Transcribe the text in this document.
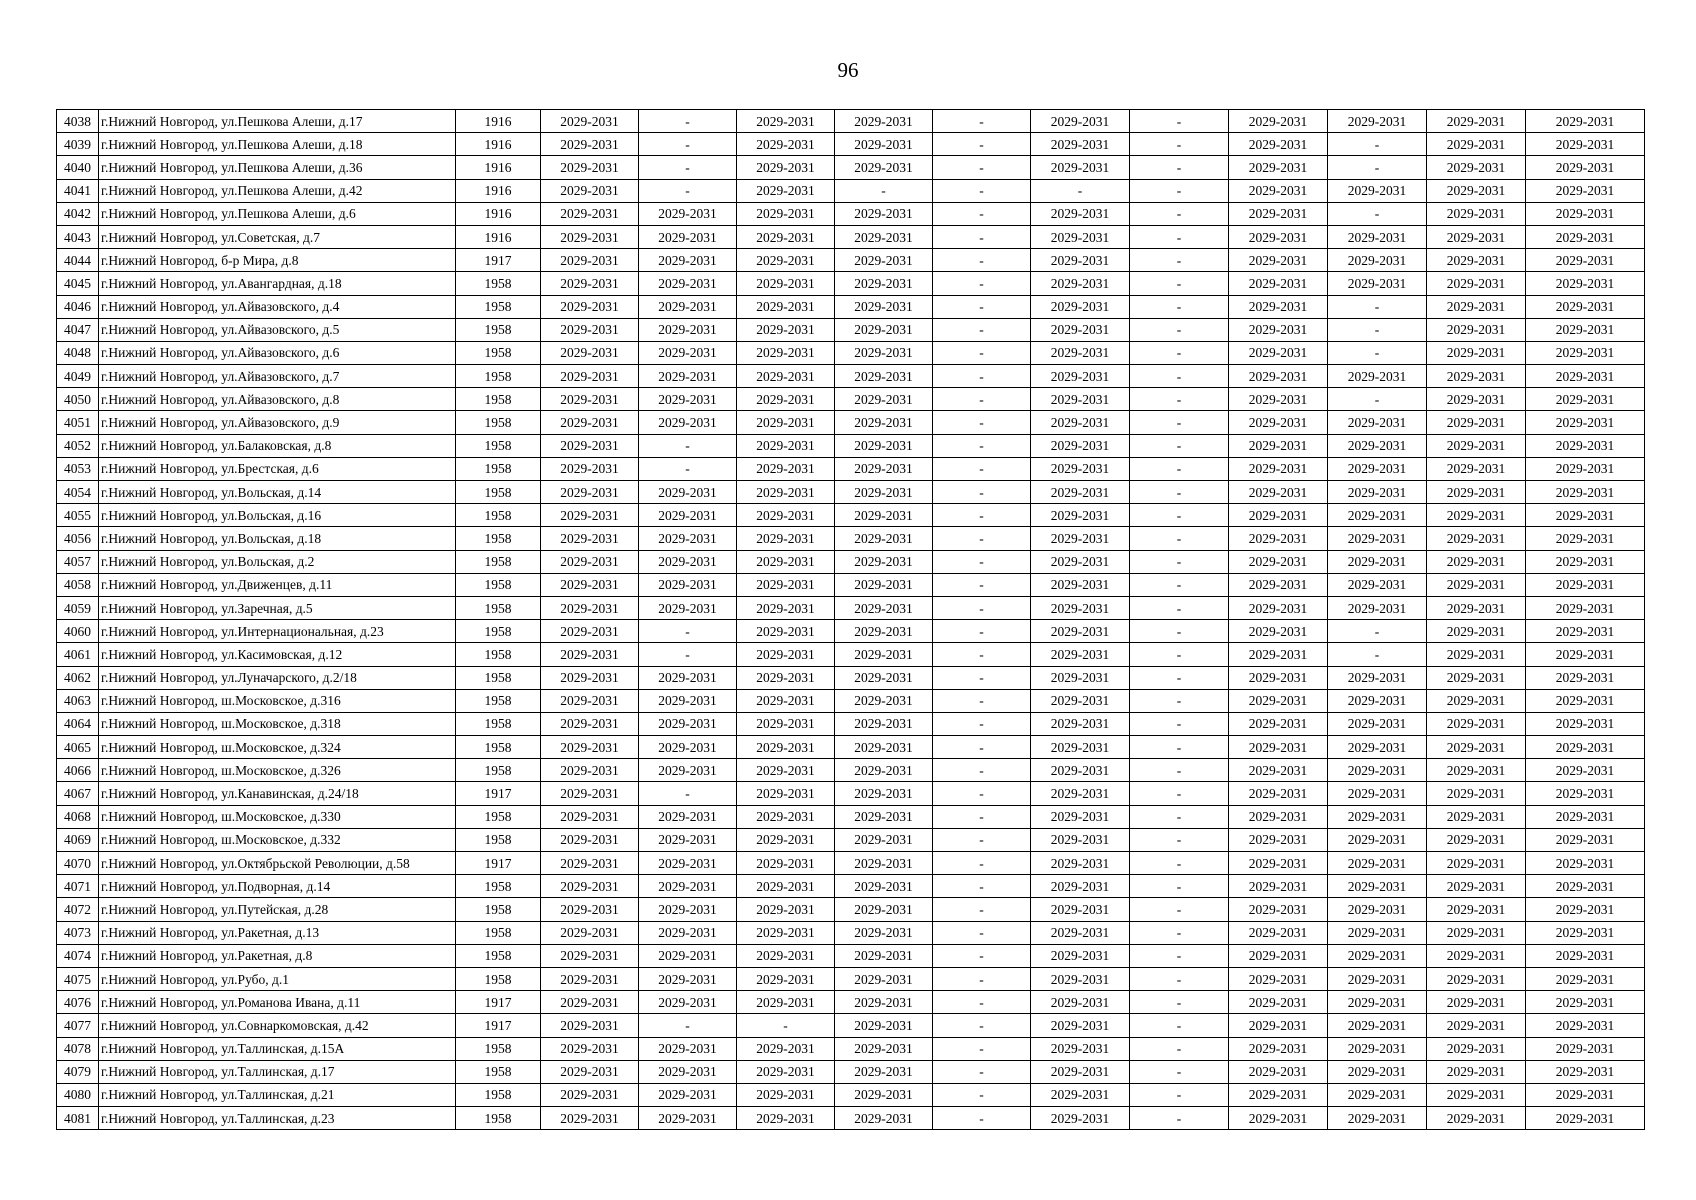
96
4038	г.Нижний Новгород, ул.Пешкова Алеши, д.17	1916	2029-2031	-	2029-2031	2029-2031	-	2029-2031	-	2029-2031	2029-2031	2029-2031	2029-2031
4039	г.Нижний Новгород, ул.Пешкова Алеши, д.18	1916	2029-2031	-	2029-2031	2029-2031	-	2029-2031	-	2029-2031	-	2029-2031	2029-2031
4040	г.Нижний Новгород, ул.Пешкова Алеши, д.36	1916	2029-2031	-	2029-2031	2029-2031	-	2029-2031	-	2029-2031	-	2029-2031	2029-2031
4041	г.Нижний Новгород, ул.Пешкова Алеши, д.42	1916	2029-2031	-	2029-2031	-	-	-	-	2029-2031	2029-2031	2029-2031	2029-2031
4042	г.Нижний Новгород, ул.Пешкова Алеши, д.6	1916	2029-2031	2029-2031	2029-2031	2029-2031	-	2029-2031	-	2029-2031	-	2029-2031	2029-2031
4043	г.Нижний Новгород, ул.Советская, д.7	1916	2029-2031	2029-2031	2029-2031	2029-2031	-	2029-2031	-	2029-2031	2029-2031	2029-2031	2029-2031
4044	г.Нижний Новгород, б-р Мира, д.8	1917	2029-2031	2029-2031	2029-2031	2029-2031	-	2029-2031	-	2029-2031	2029-2031	2029-2031	2029-2031
4045	г.Нижний Новгород, ул.Авангардная, д.18	1958	2029-2031	2029-2031	2029-2031	2029-2031	-	2029-2031	-	2029-2031	2029-2031	2029-2031	2029-2031
4046	г.Нижний Новгород, ул.Айвазовского, д.4	1958	2029-2031	2029-2031	2029-2031	2029-2031	-	2029-2031	-	2029-2031	-	2029-2031	2029-2031
4047	г.Нижний Новгород, ул.Айвазовского, д.5	1958	2029-2031	2029-2031	2029-2031	2029-2031	-	2029-2031	-	2029-2031	-	2029-2031	2029-2031
4048	г.Нижний Новгород, ул.Айвазовского, д.6	1958	2029-2031	2029-2031	2029-2031	2029-2031	-	2029-2031	-	2029-2031	-	2029-2031	2029-2031
4049	г.Нижний Новгород, ул.Айвазовского, д.7	1958	2029-2031	2029-2031	2029-2031	2029-2031	-	2029-2031	-	2029-2031	2029-2031	2029-2031	2029-2031
4050	г.Нижний Новгород, ул.Айвазовского, д.8	1958	2029-2031	2029-2031	2029-2031	2029-2031	-	2029-2031	-	2029-2031	-	2029-2031	2029-2031
4051	г.Нижний Новгород, ул.Айвазовского, д.9	1958	2029-2031	2029-2031	2029-2031	2029-2031	-	2029-2031	-	2029-2031	2029-2031	2029-2031	2029-2031
4052	г.Нижний Новгород, ул.Балаковская, д.8	1958	2029-2031	-	2029-2031	2029-2031	-	2029-2031	-	2029-2031	2029-2031	2029-2031	2029-2031
4053	г.Нижний Новгород, ул.Брестская, д.6	1958	2029-2031	-	2029-2031	2029-2031	-	2029-2031	-	2029-2031	2029-2031	2029-2031	2029-2031
4054	г.Нижний Новгород, ул.Вольская, д.14	1958	2029-2031	2029-2031	2029-2031	2029-2031	-	2029-2031	-	2029-2031	2029-2031	2029-2031	2029-2031
4055	г.Нижний Новгород, ул.Вольская, д.16	1958	2029-2031	2029-2031	2029-2031	2029-2031	-	2029-2031	-	2029-2031	2029-2031	2029-2031	2029-2031
4056	г.Нижний Новгород, ул.Вольская, д.18	1958	2029-2031	2029-2031	2029-2031	2029-2031	-	2029-2031	-	2029-2031	2029-2031	2029-2031	2029-2031
4057	г.Нижний Новгород, ул.Вольская, д.2	1958	2029-2031	2029-2031	2029-2031	2029-2031	-	2029-2031	-	2029-2031	2029-2031	2029-2031	2029-2031
4058	г.Нижний Новгород, ул.Движенцев, д.11	1958	2029-2031	2029-2031	2029-2031	2029-2031	-	2029-2031	-	2029-2031	2029-2031	2029-2031	2029-2031
4059	г.Нижний Новгород, ул.Заречная, д.5	1958	2029-2031	2029-2031	2029-2031	2029-2031	-	2029-2031	-	2029-2031	2029-2031	2029-2031	2029-2031
4060	г.Нижний Новгород, ул.Интернациональная, д.23	1958	2029-2031	-	2029-2031	2029-2031	-	2029-2031	-	2029-2031	-	2029-2031	2029-2031
4061	г.Нижний Новгород, ул.Касимовская, д.12	1958	2029-2031	-	2029-2031	2029-2031	-	2029-2031	-	2029-2031	-	2029-2031	2029-2031
4062	г.Нижний Новгород, ул.Луначарского, д.2/18	1958	2029-2031	2029-2031	2029-2031	2029-2031	-	2029-2031	-	2029-2031	2029-2031	2029-2031	2029-2031
4063	г.Нижний Новгород, ш.Московское, д.316	1958	2029-2031	2029-2031	2029-2031	2029-2031	-	2029-2031	-	2029-2031	2029-2031	2029-2031	2029-2031
4064	г.Нижний Новгород, ш.Московское, д.318	1958	2029-2031	2029-2031	2029-2031	2029-2031	-	2029-2031	-	2029-2031	2029-2031	2029-2031	2029-2031
4065	г.Нижний Новгород, ш.Московское, д.324	1958	2029-2031	2029-2031	2029-2031	2029-2031	-	2029-2031	-	2029-2031	2029-2031	2029-2031	2029-2031
4066	г.Нижний Новгород, ш.Московское, д.326	1958	2029-2031	2029-2031	2029-2031	2029-2031	-	2029-2031	-	2029-2031	2029-2031	2029-2031	2029-2031
4067	г.Нижний Новгород, ул.Канавинская, д.24/18	1917	2029-2031	-	2029-2031	2029-2031	-	2029-2031	-	2029-2031	2029-2031	2029-2031	2029-2031
4068	г.Нижний Новгород, ш.Московское, д.330	1958	2029-2031	2029-2031	2029-2031	2029-2031	-	2029-2031	-	2029-2031	2029-2031	2029-2031	2029-2031
4069	г.Нижний Новгород, ш.Московское, д.332	1958	2029-2031	2029-2031	2029-2031	2029-2031	-	2029-2031	-	2029-2031	2029-2031	2029-2031	2029-2031
4070	г.Нижний Новгород, ул.Октябрьской Революции, д.58	1917	2029-2031	2029-2031	2029-2031	2029-2031	-	2029-2031	-	2029-2031	2029-2031	2029-2031	2029-2031
4071	г.Нижний Новгород, ул.Подворная, д.14	1958	2029-2031	2029-2031	2029-2031	2029-2031	-	2029-2031	-	2029-2031	2029-2031	2029-2031	2029-2031
4072	г.Нижний Новгород, ул.Путейская, д.28	1958	2029-2031	2029-2031	2029-2031	2029-2031	-	2029-2031	-	2029-2031	2029-2031	2029-2031	2029-2031
4073	г.Нижний Новгород, ул.Ракетная, д.13	1958	2029-2031	2029-2031	2029-2031	2029-2031	-	2029-2031	-	2029-2031	2029-2031	2029-2031	2029-2031
4074	г.Нижний Новгород, ул.Ракетная, д.8	1958	2029-2031	2029-2031	2029-2031	2029-2031	-	2029-2031	-	2029-2031	2029-2031	2029-2031	2029-2031
4075	г.Нижний Новгород, ул.Рубо, д.1	1958	2029-2031	2029-2031	2029-2031	2029-2031	-	2029-2031	-	2029-2031	2029-2031	2029-2031	2029-2031
4076	г.Нижний Новгород, ул.Романова Ивана, д.11	1917	2029-2031	2029-2031	2029-2031	2029-2031	-	2029-2031	-	2029-2031	2029-2031	2029-2031	2029-2031
4077	г.Нижний Новгород, ул.Совнаркомовская, д.42	1917	2029-2031	-	-	2029-2031	-	2029-2031	-	2029-2031	2029-2031	2029-2031	2029-2031
4078	г.Нижний Новгород, ул.Таллинская, д.15А	1958	2029-2031	2029-2031	2029-2031	2029-2031	-	2029-2031	-	2029-2031	2029-2031	2029-2031	2029-2031
4079	г.Нижний Новгород, ул.Таллинская, д.17	1958	2029-2031	2029-2031	2029-2031	2029-2031	-	2029-2031	-	2029-2031	2029-2031	2029-2031	2029-2031
4080	г.Нижний Новгород, ул.Таллинская, д.21	1958	2029-2031	2029-2031	2029-2031	2029-2031	-	2029-2031	-	2029-2031	2029-2031	2029-2031	2029-2031
4081	г.Нижний Новгород, ул.Таллинская, д.23	1958	2029-2031	2029-2031	2029-2031	2029-2031	-	2029-2031	-	2029-2031	2029-2031	2029-2031	2029-2031
